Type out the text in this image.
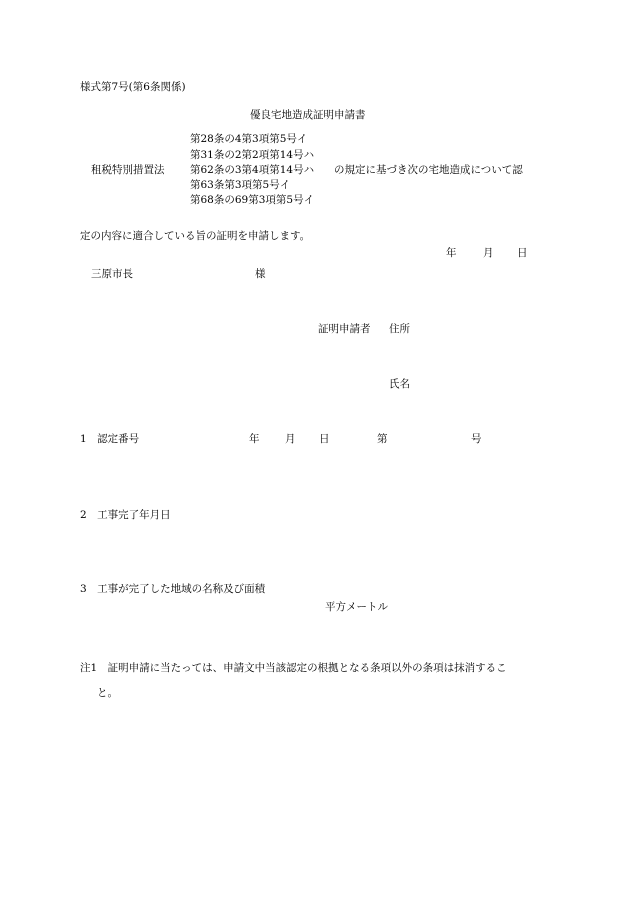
様式第7号(第6条関係)
優良宅地造成証明申請書
租税特別措置法
第28条の4第3項第5号イ
第31条の2第2項第14号ハ
第62条の3第4項第14号ハ
第63条第3項第5号イ
第68条の69第3項第5号イ
の規定に基づき次の宅地造成について認
定の内容に適合している旨の証明を申請します。
年	月 日
三原市長	様
証明申請者 住所
氏名
1　認定番号	年 月 日	第	号
2　工事完了年月日
3　工事が完了した地域の名称及び面積
平方メートル
注1　証明申請に当たっては、申請文中当該認定の根拠となる条項以外の条項は抹消するこ
と。
